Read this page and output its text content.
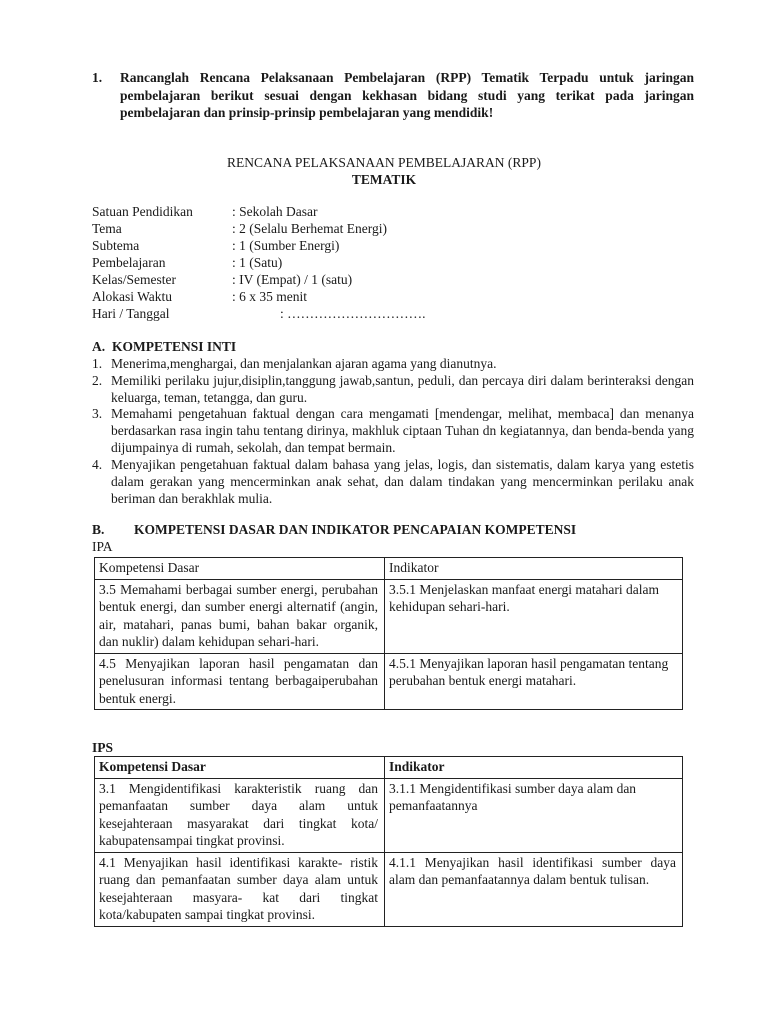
1. Rancanglah Rencana Pelaksanaan Pembelajaran (RPP) Tematik Terpadu untuk jaringan pembelajaran berikut sesuai dengan kekhasan bidang studi yang terikat pada jaringan pembelajaran dan prinsip-prinsip pembelajaran yang mendidik!
RENCANA PELAKSANAAN PEMBELAJARAN (RPP)
TEMATIK
Satuan Pendidikan	: Sekolah Dasar
Tema	: 2 (Selalu Berhemat Energi)
Subtema	: 1 (Sumber Energi)
Pembelajaran	: 1 (Satu)
Kelas/Semester	: IV (Empat) / 1 (satu)
Alokasi Waktu	: 6 x 35 menit
Hari / Tanggal	: ………………………….
A. KOMPETENSI INTI
1. Menerima,menghargai, dan menjalankan ajaran agama yang dianutnya.
2. Memiliki perilaku jujur,disiplin,tanggung jawab,santun, peduli, dan percaya diri dalam berinteraksi dengan keluarga, teman, tetangga, dan guru.
3. Memahami pengetahuan faktual dengan cara mengamati [mendengar, melihat, membaca] dan menanya berdasarkan rasa ingin tahu tentang dirinya, makhluk ciptaan Tuhan dn kegiatannya, dan benda-benda yang dijumpainya di rumah, sekolah, dan tempat bermain.
4. Menyajikan pengetahuan faktual dalam bahasa yang jelas, logis, dan sistematis, dalam karya yang estetis dalam gerakan yang mencerminkan anak sehat, dan dalam tindakan yang mencerminkan perilaku anak beriman dan berakhlak mulia.
B. KOMPETENSI DASAR DAN INDIKATOR PENCAPAIAN KOMPETENSI
IPA
Kompetensi Dasar	Indikator
3.5 Memahami berbagai sumber energi, perubahan bentuk energi, dan sumber energi alternatif (angin, air, matahari, panas bumi, bahan bakar organik, dan nuklir) dalam kehidupan sehari-hari.	3.5.1 Menjelaskan manfaat energi matahari dalam kehidupan sehari-hari.
4.5 Menyajikan laporan hasil pengamatan dan penelusuran informasi tentang berbagaiperubahan bentuk energi.	4.5.1 Menyajikan laporan hasil pengamatan tentang perubahan bentuk energi matahari.
IPS
Kompetensi Dasar	Indikator
3.1 Mengidentifikasi karakteristik ruang dan pemanfaatan sumber daya alam untuk kesejahteraan masyarakat dari tingkat kota/ kabupatensampai tingkat provinsi.	3.1.1 Mengidentifikasi sumber daya alam dan pemanfaatannya
4.1 Menyajikan hasil identifikasi karakte- ristik ruang dan pemanfaatan sumber daya alam untuk kesejahteraan masyara- kat dari tingkat kota/kabupaten sampai tingkat provinsi.	4.1.1 Menyajikan hasil identifikasi sumber daya alam dan pemanfaatannya dalam bentuk tulisan.
